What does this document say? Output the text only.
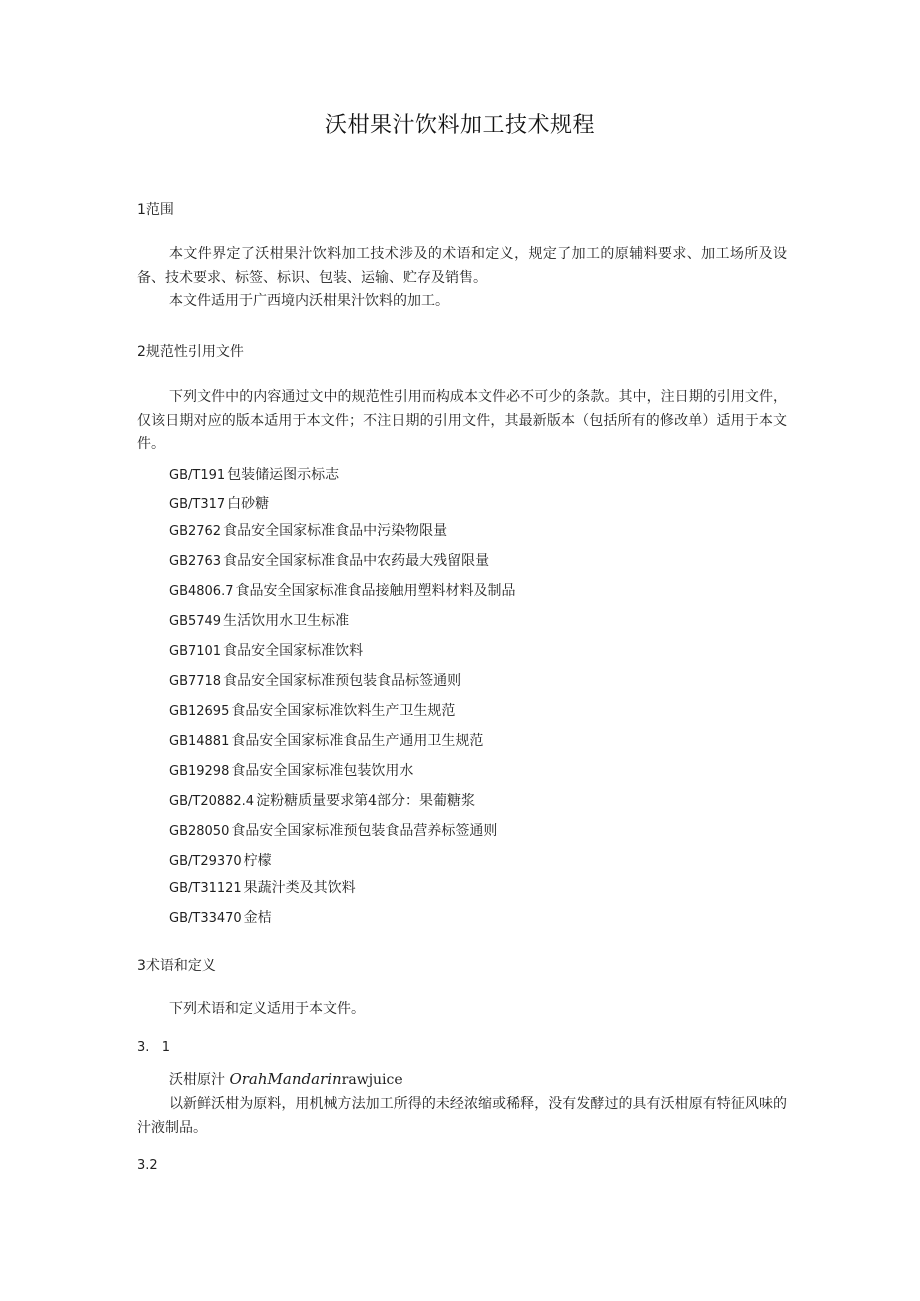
沃柑果汁饮料加工技术规程
1范围
本文件界定了沃柑果汁饮料加工技术涉及的术语和定义，规定了加工的原辅料要求、加工场所及设备、技术要求、标签、标识、包装、运输、贮存及销售。
本文件适用于广西境内沃柑果汁饮料的加工。
2规范性引用文件
下列文件中的内容通过文中的规范性引用而构成本文件必不可少的条款。其中，注日期的引用文件，仅该日期对应的版本适用于本文件；不注日期的引用文件，其最新版本（包括所有的修改单）适用于本文件。
GB/T191 包装储运图示标志
GB/T317 白砂糖
GB2762 食品安全国家标准食品中污染物限量
GB2763 食品安全国家标准食品中农药最大残留限量
GB4806.7 食品安全国家标准食品接触用塑料材料及制品
GB5749 生活饮用水卫生标准
GB7101 食品安全国家标准饮料
GB7718 食品安全国家标准预包装食品标签通则
GB12695 食品安全国家标准饮料生产卫生规范
GB14881 食品安全国家标准食品生产通用卫生规范
GB19298 食品安全国家标准包装饮用水
GB/T20882.4 淀粉糖质量要求第4部分：果葡糖浆
GB28050 食品安全国家标准预包装食品营养标签通则
GB/T29370 柠檬
GB/T31121 果蔬汁类及其饮料
GB/T33470 金桔
3术语和定义
下列术语和定义适用于本文件。
3.   1
沃柑原汁 OrahMandarinrawjuice
以新鲜沃柑为原料，用机械方法加工所得的未经浓缩或稀释，没有发酵过的具有沃柑原有特征风味的汁液制品。
3.2
